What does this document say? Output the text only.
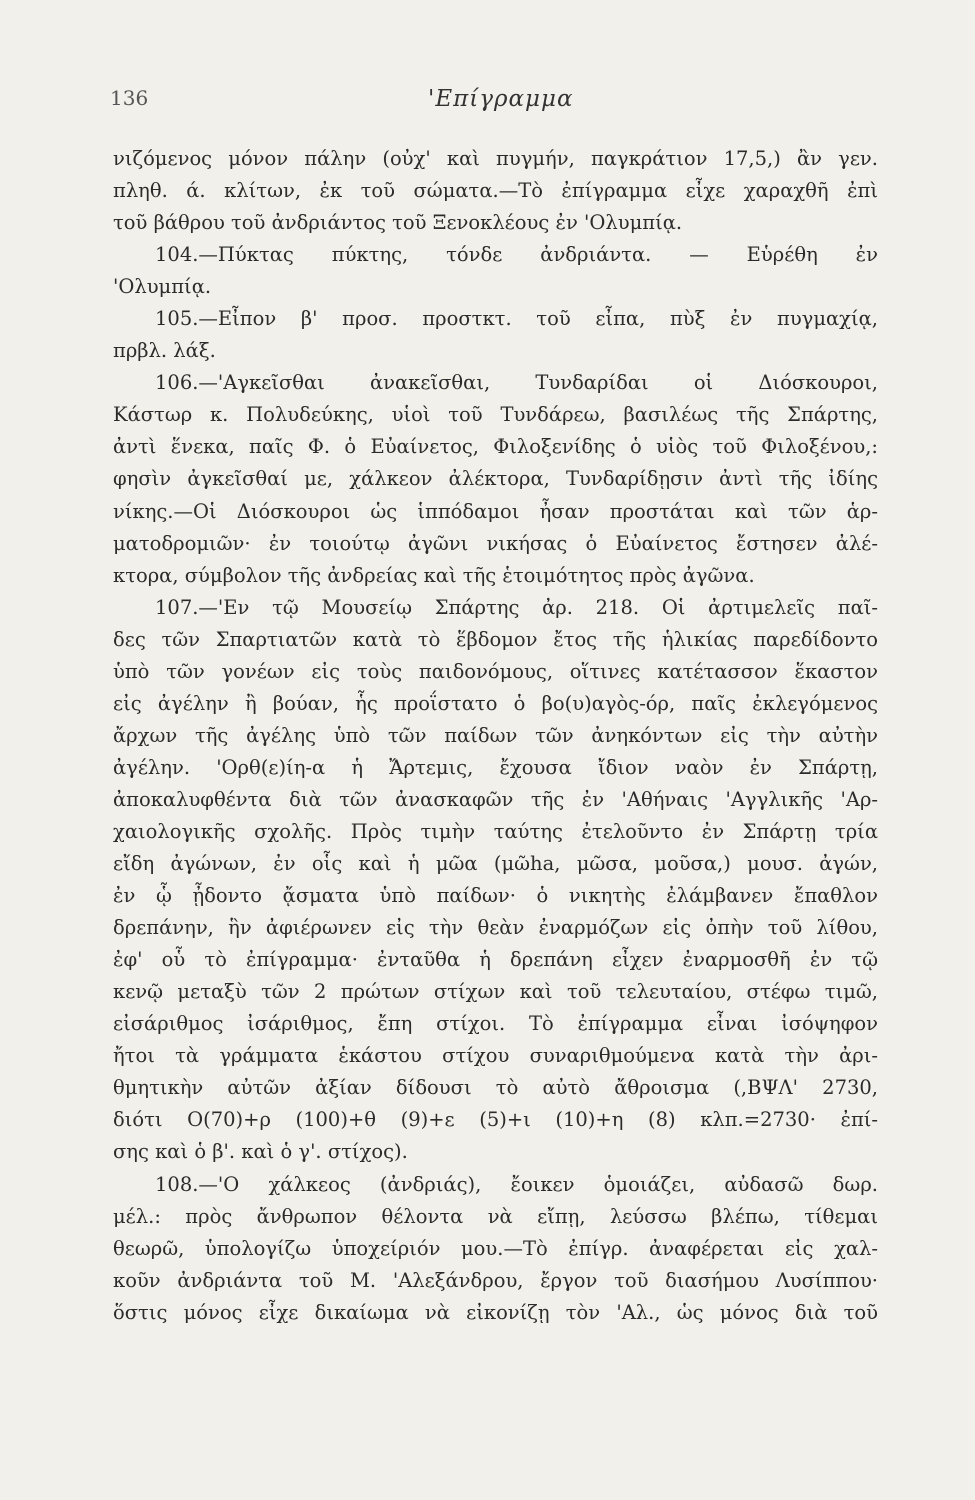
136	'Επίγραμμα
νιζόμενος μόνον πάλην (οὐχ' καὶ πυγμήν, παγκράτιον 17,5,) ἂν γεν.
πληθ. ά. κλίτων, ἐκ τοῦ σώματα.—Τὸ ἐπίγραμμα εἶχε χαραχθῆ ἐπὶ
τοῦ βάθρου τοῦ ἀνδριάντος τοῦ Ξενοκλέους ἐν 'Ολυμπίᾳ.
104.—Πύκτας πύκτης, τόνδε ἀνδριάντα. — Εὑρέθη ἐν
'Ολυμπίᾳ.
105.—Εἶπον β' προσ. προστκτ. τοῦ εἶπα, πὺξ ἐν πυγμαχίᾳ,
πρβλ. λάξ.
106.—'Αγκεῖσθαι ἀνακεῖσθαι, Τυνδαρίδαι οἱ Διόσκουροι,
Κάστωρ κ. Πολυδεύκης, υἱοὶ τοῦ Τυνδάρεω, βασιλέως τῆς Σπάρτης,
ἀντὶ ἕνεκα, παῖς Φ. ὁ Εὐαίνετος, Φιλοξενίδης ὁ υἱὸς τοῦ Φιλοξένου,:
φησὶν ἀγκεῖσθαί με, χάλκεον ἀλέκτορα, Τυνδαρίδῃσιν ἀντὶ τῆς ἰδίης
νίκης.—Οἱ Διόσκουροι ὡς ἱππόδαμοι ἦσαν προστάται καὶ τῶν ἁρ-
ματοδρομιῶν· ἐν τοιούτῳ ἀγῶνι νικήσας ὁ Εὐαίνετος ἔστησεν ἀλέ-
κτορα, σύμβολον τῆς ἀνδρείας καὶ τῆς ἑτοιμότητος πρὸς ἀγῶνα.
107.—'Εν τῷ Μουσείῳ Σπάρτης ἀρ. 218. Οἱ ἀρτιμελεῖς παῖ-
δες τῶν Σπαρτιατῶν κατὰ τὸ ἕβδομον ἔτος τῆς ἡλικίας παρεδίδοντο
ὑπὸ τῶν γονέων εἰς τοὺς παιδονόμους, οἵτινες κατέτασσον ἕκαστον
εἰς ἀγέλην ἢ βούαν, ἧς προΐστατο ὁ βο(υ)αγὸς-όρ, παῖς ἐκλεγόμενος
ἄρχων τῆς ἀγέλης ὑπὸ τῶν παίδων τῶν ἀνηκόντων εἰς τὴν αὐτὴν
ἀγέλην. 'Ορθ(ε)ίη-α ἡ Ἄρτεμις, ἔχουσα ἴδιον ναὸν ἐν Σπάρτῃ,
ἀποκαλυφθέντα διὰ τῶν ἀνασκαφῶν τῆς ἐν 'Αθήναις 'Αγγλικῆς 'Αρ-
χαιολογικῆς σχολῆς. Πρὸς τιμὴν ταύτης ἐτελοῦντο ἐν Σπάρτῃ τρία
εἴδη ἀγώνων, ἐν οἷς καὶ ἡ μῶα (μῶha, μῶσα, μοῦσα,) μουσ. ἀγών,
ἐν ᾧ ᾖδοντο ᾄσματα ὑπὸ παίδων· ὁ νικητὴς ἐλάμβανεν ἔπαθλον
δρεπάνην, ἣν ἀφιέρωνεν εἰς τὴν θεὰν ἐναρμόζων εἰς ὀπὴν τοῦ λίθου,
ἐφ' οὗ τὸ ἐπίγραμμα· ἐνταῦθα ἡ δρεπάνη εἶχεν ἐναρμοσθῆ ἐν τῷ
κενῷ μεταξὺ τῶν 2 πρώτων στίχων καὶ τοῦ τελευταίου, στέφω τιμῶ,
εἰσάριθμος ἰσάριθμος, ἔπη στίχοι. Τὸ ἐπίγραμμα εἶναι ἰσόψηφον
ἤτοι τὰ γράμματα ἑκάστου στίχου συναριθμούμενα κατὰ τὴν ἀρι-
θμητικὴν αὐτῶν ἀξίαν δίδουσι τὸ αὐτὸ ἄθροισμα (,ΒΨΛ' 2730,
διότι Ο(70)+ρ (100)+θ (9)+ε (5)+ι (10)+η (8) κλπ.=2730· ἐπί-
σης καὶ ὁ β'. καὶ ὁ γ'. στίχος).
108.—'Ο χάλκεος (ἀνδριάς), ἔοικεν ὁμοιάζει, αὐδασῶ δωρ.
μέλ.: πρὸς ἄνθρωπον θέλοντα νὰ εἴπῃ, λεύσσω βλέπω, τίθεμαι
θεωρῶ, ὑπολογίζω ὑποχείριόν μου.—Τὸ ἐπίγρ. ἀναφέρεται εἰς χαλ-
κοῦν ἀνδριάντα τοῦ Μ. 'Αλεξάνδρου, ἔργον τοῦ διασήμου Λυσίππου·
ὅστις μόνος εἶχε δικαίωμα νὰ εἰκονίζῃ τὸν 'Αλ., ὡς μόνος διὰ τοῦ
